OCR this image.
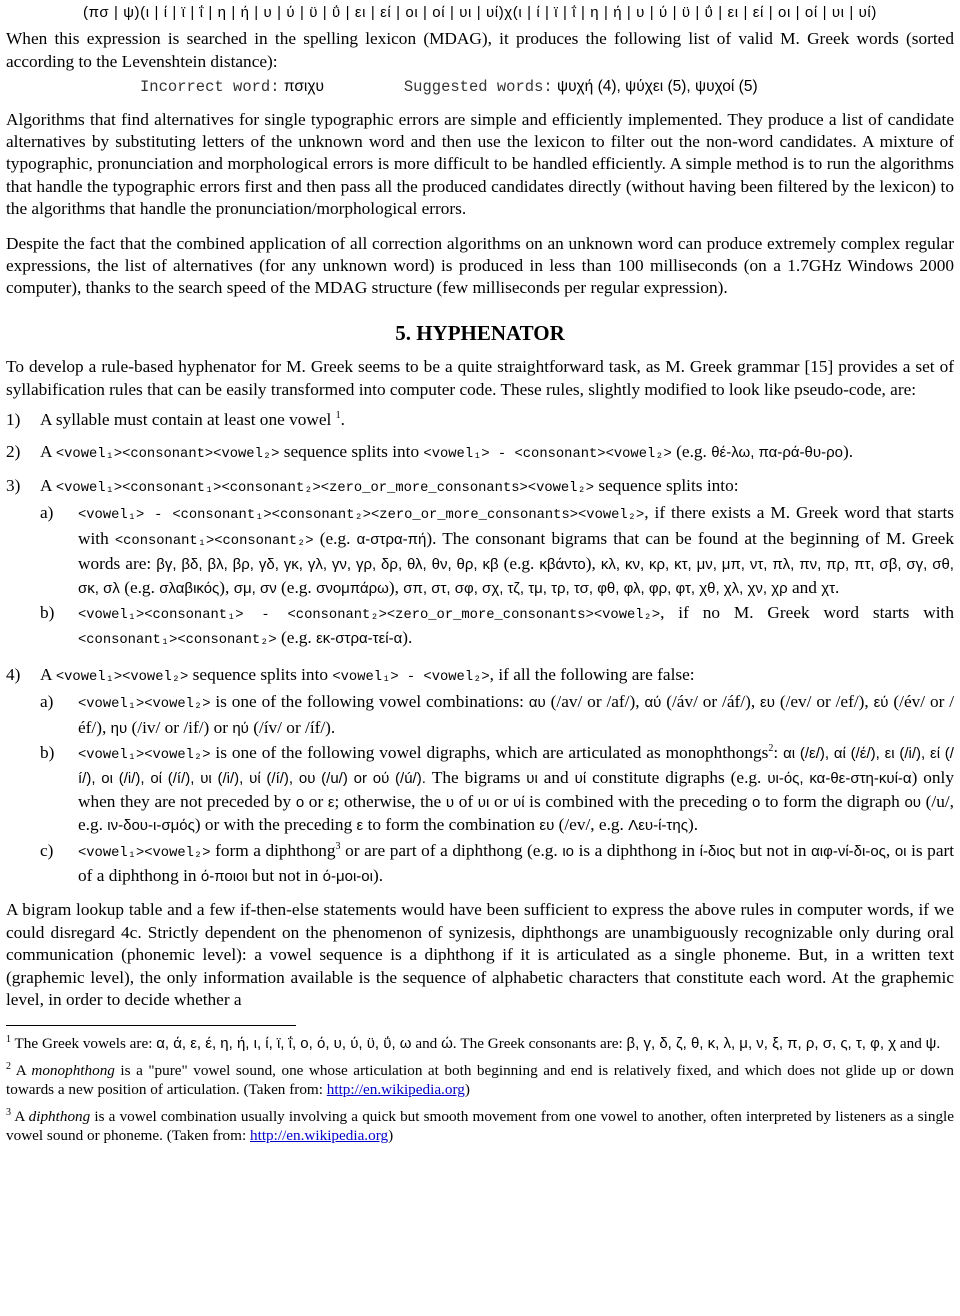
(πσ | ψ)(ι | ί | ϊ | ΐ | η | ή | υ | ύ | ϋ | ΰ | ει | εί | οι | οί | υι | υί)χ(ι | ί | ϊ | ΐ | η | ή | υ | ύ | ϋ | ΰ | ει | εί | οι | οί | υι | υί)

When this expression is searched in the spelling lexicon (MDAG), it produces the following list of valid M. Greek words (sorted according to the Levenshtein distance):

Incorrect word:
πσιχυ	Suggested words:
ψυχή (4), ψύχει (5), ψυχοί (5)

Algorithms that find alternatives for single typographic errors are simple and efficiently implemented. They produce a list of candidate alternatives by substituting letters of the unknown word and then use the lexicon to filter out the non-word candidates. A mixture of typographic, pronunciation and morphological errors is more difficult to be handled efficiently. A simple method is to run the algorithms that handle the typographic errors first and then pass all the produced candidates directly (without having been filtered by the lexicon) to the algorithms that handle the pronunciation/morphological errors.

Despite the fact that the combined application of all correction algorithms on an unknown word can produce extremely complex regular expressions, the list of alternatives (for any unknown word) is produced in less than 100 milliseconds (on a 1.7GHz Windows 2000 computer), thanks to the search speed of the MDAG structure (few milliseconds per regular expression).

5. HYPHENATOR

To develop a rule-based hyphenator for M. Greek seems to be a quite straightforward task, as M. Greek grammar [15] provides a set of syllabification rules that can be easily transformed into computer code. These rules, slightly modified to look like pseudo-code, are:

1)	A syllable must contain at least one vowel $^1$.
2)	A <vowel₁><consonant><vowel₂> sequence splits into <vowel₁> - <consonant><vowel₂> (e.g. θέ-λω, πα-ρά-θυ-ρο).
3)	A <vowel₁><consonant₁><consonant₂><zero_or_more_consonants><vowel₂> sequence splits into:
a)	<vowel₁> - <consonant₁><consonant₂><zero_or_more_consonants><vowel₂>, if there exists a M. Greek word that starts with <consonant₁><consonant₂> (e.g. α-στρα-πή). The consonant bigrams that can be found at the beginning of M. Greek words are: βγ, βδ, βλ, βρ, γδ, γκ, γλ, γν, γρ, δρ, θλ, θν, θρ, κβ (e.g. κβάντο), κλ, κν, κρ, κτ, μν, μπ, ντ, πλ, πν, πρ, πτ, σβ, σγ, σθ, σκ, σλ (e.g. σλαβικός), σμ, σν (e.g. σνομπάρω), σπ, στ, σφ, σχ, τζ, τμ, τρ, τσ, φθ, φλ, φρ, φτ, χθ, χλ, χν, χρ and χτ.
b)	<vowel₁><consonant₁> - <consonant₂><zero_or_more_consonants><vowel₂>, if no M. Greek word starts with <consonant₁><consonant₂> (e.g. εκ-στρα-τεί-α).
4)	A <vowel₁><vowel₂> sequence splits into <vowel₁> - <vowel₂>, if all the following are false:
a)	<vowel₁><vowel₂> is one of the following vowel combinations: αυ (/av/ or /af/), αύ (/áv/ or /áf/), ευ (/ev/ or /ef/), εύ (/év/ or /éf/), ηυ (/iv/ or /if/) or ηύ (/ív/ or /íf/).
b)	<vowel₁><vowel₂> is one of the following vowel digraphs, which are articulated as monophthongs$^2$: αι (/ε/), αί (/έ/), ει (/i/), εί (/í/), οι (/i/), οί (/í/), υι (/i/), υί (/í/), ου (/u/) or ού (/ú/). The bigrams υι and υί constitute digraphs (e.g. υι-ός, κα-θε-στη-κυί-α) only when they are not preceded by ο or ε; otherwise, the υ of υι or υί is combined with the preceding ο to form the digraph ου (/u/, e.g. ιν-δου-ι-σμός) or with the preceding ε to form the combination ευ (/ev/, e.g. Λευ-ί-της).
c)	<vowel₁><vowel₂> form a diphthong$^3$ or are part of a diphthong (e.g. ιο is a diphthong in ί-διος but not in αιφ-νί-δι-ος, οι is part of a diphthong in ό-ποιοι but not in ό-μοι-οι).

A bigram lookup table and a few if-then-else statements would have been sufficient to express the above rules in computer words, if we could disregard 4c. Strictly dependent on the phenomenon of synizesis, diphthongs are unambiguously recognizable only during oral communication (phonemic level): a vowel sequence is a diphthong if it is articulated as a single phoneme. But, in a written text (graphemic level), the only information available is the sequence of alphabetic characters that constitute each word. At the graphemic level, in order to decide whether a

$^1$ The Greek vowels are: α, ά, ε, έ, η, ή, ι, ί, ϊ, ΐ, ο, ό, υ, ύ, ϋ, ΰ, ω and ώ. The Greek consonants are: β, γ, δ, ζ, θ, κ, λ, μ, ν, ξ, π, ρ, σ, ς, τ, φ, χ and ψ.

$^2$ A monophthong is a "pure" vowel sound, one whose articulation at both beginning and end is relatively fixed, and which does not glide up or down towards a new position of articulation. (Taken from: http://en.wikipedia.org)

$^3$ A diphthong is a vowel combination usually involving a quick but smooth movement from one vowel to another, often interpreted by listeners as a single vowel sound or phoneme. (Taken from: http://en.wikipedia.org)
